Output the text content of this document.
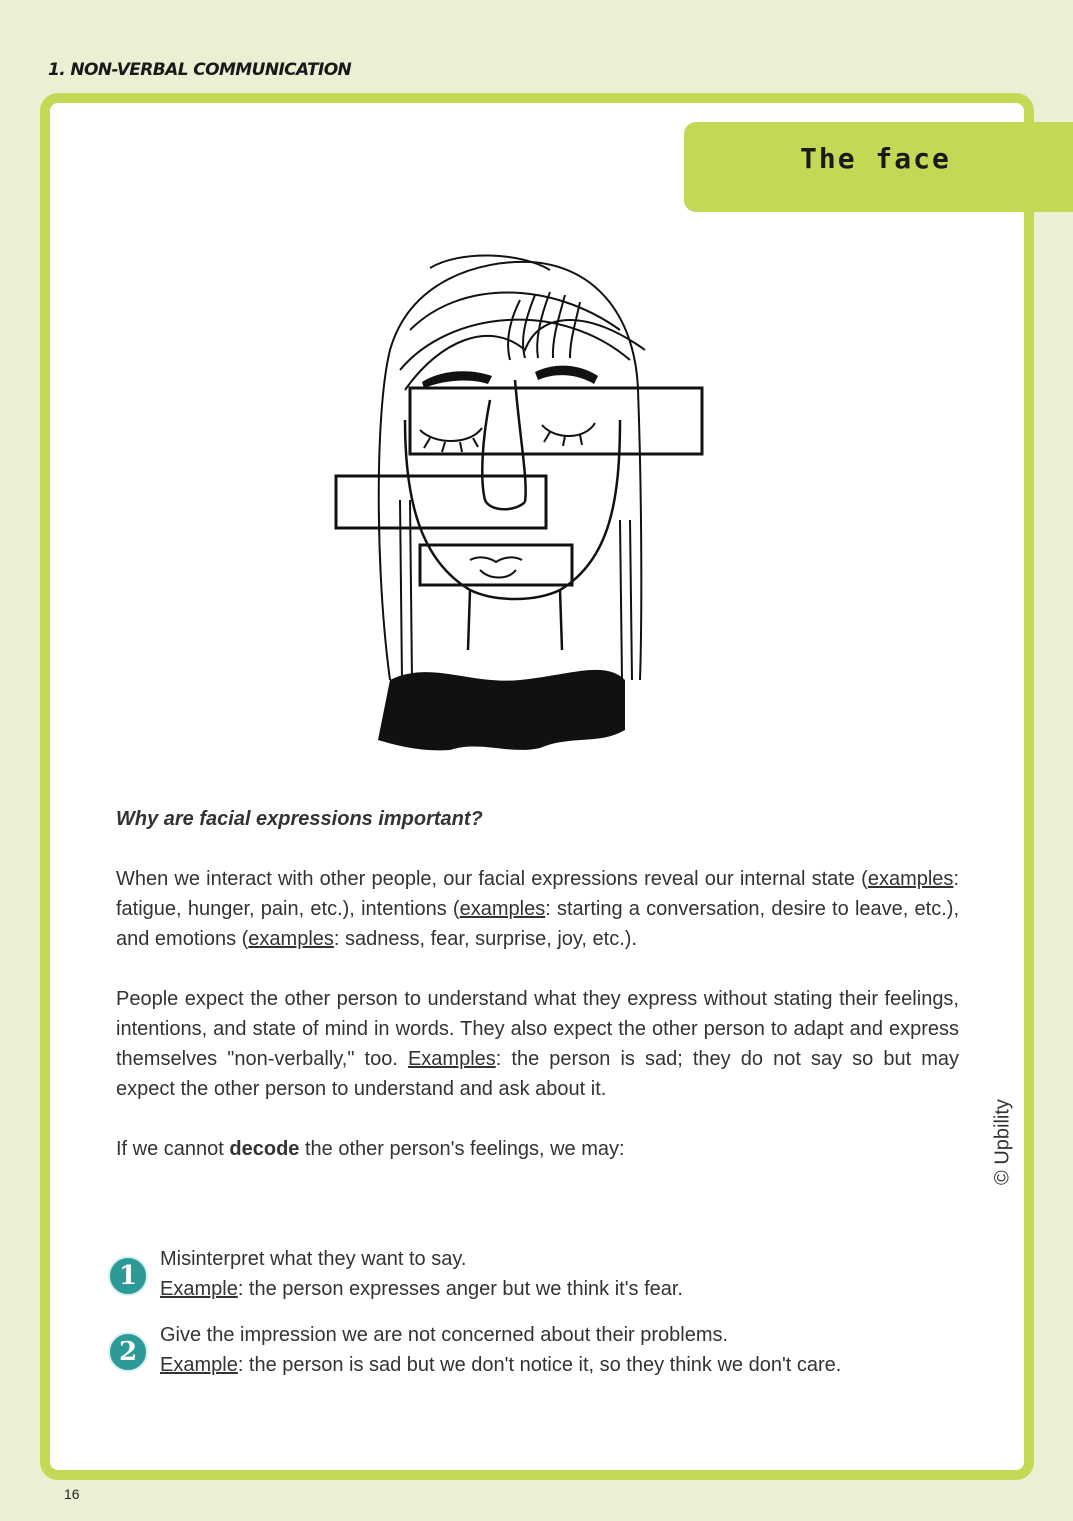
1. NON-VERBAL COMMUNICATION
The face

Why are facial expressions important?

When we interact with other people, our facial expressions reveal our internal state (examples: fatigue, hunger, pain, etc.), intentions (examples: starting a conversation, desire to leave, etc.), and emotions (examples: sadness, fear, surprise, joy, etc.).

People expect the other person to understand what they express without stating their feelings, intentions, and state of mind in words. They also expect the other person to adapt and express themselves "non-verbally," too. Examples: the person is sad; they do not say so but may expect the other person to understand and ask about it.

If we cannot decode the other person's feelings, we may:

1
Misinterpret what they want to say.
Example: the person expresses anger but we think it's fear.
2
Give the impression we are not concerned about their problems.
Example: the person is sad but we don't notice it, so they think we don't care.
© Upbility
16
